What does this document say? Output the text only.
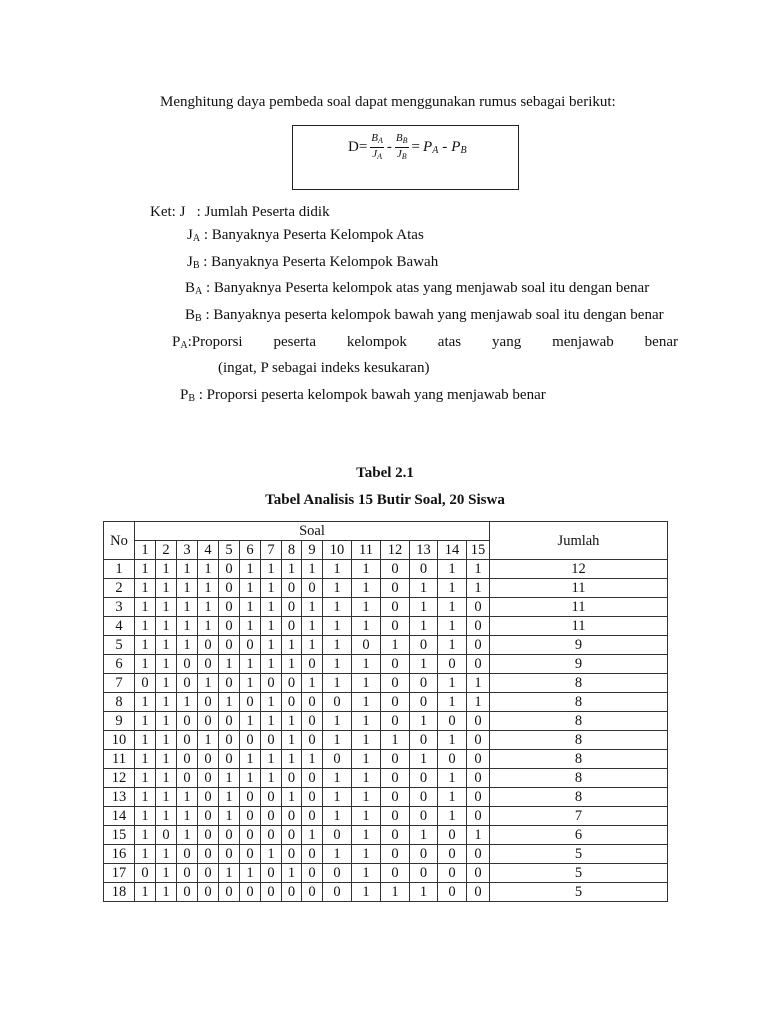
Menghitung daya pembeda soal dapat menggunakan rumus sebagai berikut:
$D= \frac{B_A}{J_A} - \frac{B_B}{J_B} = P_A - P_B$
Ket: J : Jumlah Peserta didik
$J_A$ : Banyaknya Peserta Kelompok Atas
$J_B$ : Banyaknya Peserta Kelompok Bawah
$B_A$ : Banyaknya Peserta kelompok atas yang menjawab soal itu dengan benar
$B_B$ : Banyaknya peserta kelompok bawah yang menjawab soal itu dengan benar
$P_A:Proporsi$ peserta kelompok atas yang menjawab benar
(ingat, P sebagai indeks kesukaran)
$P_B$ : Proporsi peserta kelompok bawah yang menjawab benar
Tabel 2.1
Tabel Analisis 15 Butir Soal, 20 Siswa
No	Soal															Jumlah
	1	2	3	4	5	6	7	8	9	10	11	12	13	14	15	
1	1	1	1	1	0	1	1	1	1	1	1	0	0	1	1	12
2	1	1	1	1	0	1	1	0	0	1	1	0	1	1	1	11
3	1	1	1	1	0	1	1	0	1	1	1	0	1	1	0	11
4	1	1	1	1	0	1	1	0	1	1	1	0	1	1	0	11
5	1	1	1	0	0	0	1	1	1	1	0	1	0	1	0	9
6	1	1	0	0	1	1	1	1	0	1	1	0	1	0	0	9
7	0	1	0	1	0	1	0	0	1	1	1	0	0	1	1	8
8	1	1	1	0	1	0	1	0	0	0	1	0	0	1	1	8
9	1	1	0	0	0	1	1	1	0	1	1	0	1	0	0	8
10	1	1	0	1	0	0	0	1	0	1	1	1	0	1	0	8
11	1	1	0	0	0	1	1	1	1	0	1	0	1	0	0	8
12	1	1	0	0	1	1	1	0	0	1	1	0	0	1	0	8
13	1	1	1	0	1	0	0	1	0	1	1	0	0	1	0	8
14	1	1	1	0	1	0	0	0	0	1	1	0	0	1	0	7
15	1	0	1	0	0	0	0	0	1	0	1	0	1	0	1	6
16	1	1	0	0	0	0	1	0	0	1	1	0	0	0	0	5
17	0	1	0	0	1	1	0	1	0	0	1	0	0	0	0	5
18	1	1	0	0	0	0	0	0	0	0	1	1	1	0	0	5
